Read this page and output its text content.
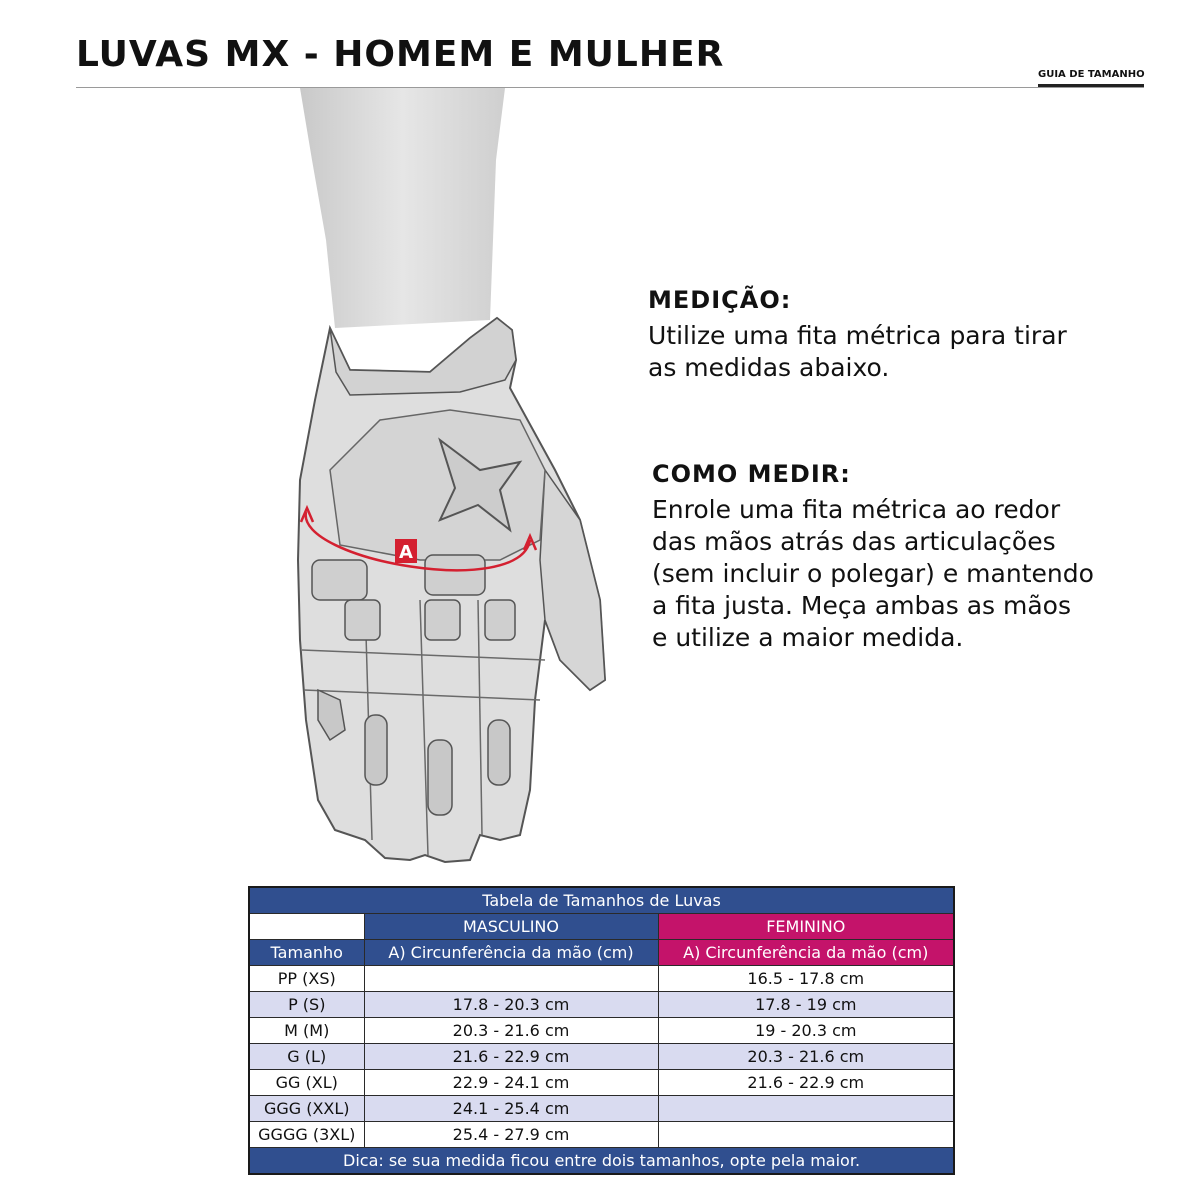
LUVAS MX - HOMEM E MULHER	GUIA DE TAMANHO
A

MEDIÇÃO:

Utilize uma fita métrica para tirar
as medidas abaixo.

COMO MEDIR:

Enrole uma fita métrica ao redor
das mãos atrás das articulações
(sem incluir o polegar) e mantendo
a fita justa. Meça ambas as mãos
e utilize a maior medida.

Tabela de Tamanhos de Luvas		
	MASCULINO	FEMININO
Tamanho	A) Circunferência da mão (cm)	A) Circunferência da mão (cm)
PP (XS)		16.5 - 17.8 cm
P (S)	17.8 - 20.3 cm	17.8 - 19 cm
M (M)	20.3 - 21.6 cm	19 - 20.3 cm
G (L)	21.6 - 22.9 cm	20.3 - 21.6 cm
GG (XL)	22.9 - 24.1 cm	21.6 - 22.9 cm
GGG (XXL)	24.1 - 25.4 cm	
GGGG (3XL)	25.4 - 27.9 cm	
Dica: se sua medida ficou entre dois tamanhos, opte pela maior.		
